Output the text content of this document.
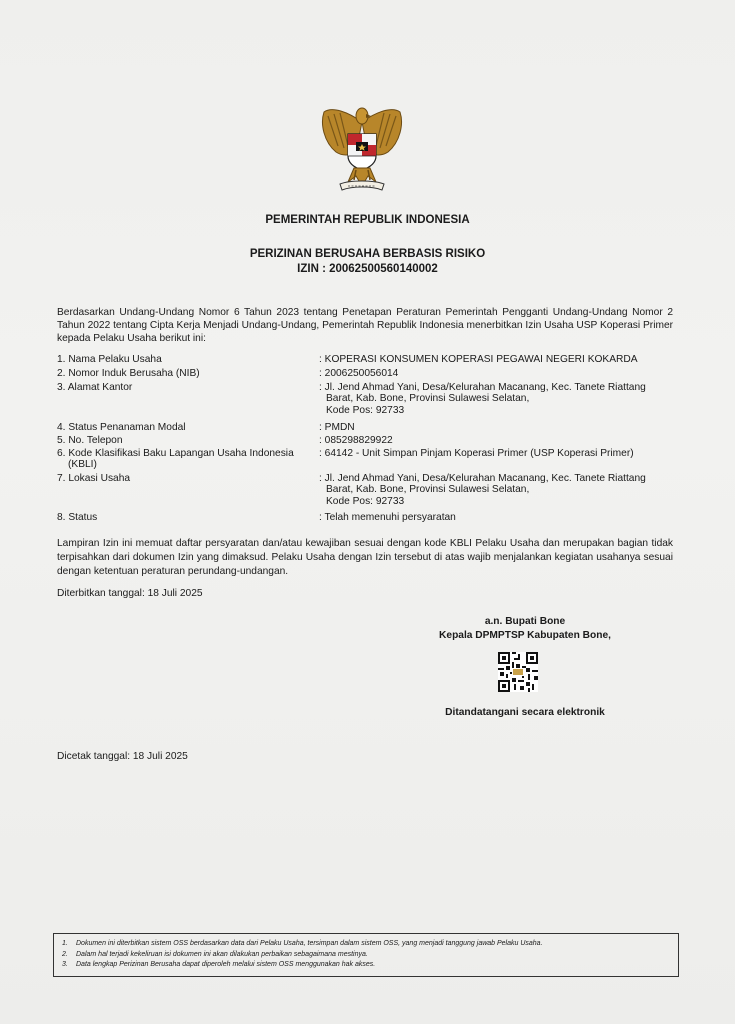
PEMERINTAH REPUBLIK INDONESIA
PERIZINAN BERUSAHA BERBASIS RISIKO
IZIN : 20062500560140002
Berdasarkan Undang-Undang Nomor 6 Tahun 2023 tentang Penetapan Peraturan Pemerintah Pengganti Undang-Undang Nomor 2 Tahun 2022 tentang Cipta Kerja Menjadi Undang-Undang, Pemerintah Republik Indonesia menerbitkan Izin Usaha USP Koperasi Primer kepada Pelaku Usaha berikut ini:
1. Nama Pelaku Usaha	: KOPERASI KONSUMEN KOPERASI PEGAWAI NEGERI KOKARDA
2. Nomor Induk Berusaha (NIB)	: 2006250056014
3. Alamat Kantor	: Jl. Jend Ahmad Yani, Desa/Kelurahan Macanang, Kec. Tanete Riattang
Barat, Kab. Bone, Provinsi Sulawesi Selatan,
Kode Pos: 92733
4. Status Penanaman Modal	: PMDN
5. No. Telepon	: 085298829922
6. Kode Klasifikasi Baku Lapangan Usaha Indonesia
(KBLI)
: 64142 - Unit Simpan Pinjam Koperasi Primer (USP Koperasi Primer)
7. Lokasi Usaha	: Jl. Jend Ahmad Yani, Desa/Kelurahan Macanang, Kec. Tanete Riattang
Barat, Kab. Bone, Provinsi Sulawesi Selatan,
Kode Pos: 92733
8. Status	: Telah memenuhi persyaratan
Lampiran Izin ini memuat daftar persyaratan dan/atau kewajiban sesuai dengan kode KBLI Pelaku Usaha dan merupakan bagian tidak terpisahkan dari dokumen Izin yang dimaksud. Pelaku Usaha dengan Izin tersebut di atas wajib menjalankan kegiatan usahanya sesuai dengan ketentuan peraturan perundang-undangan.
Diterbitkan tanggal: 18 Juli 2025
a.n. Bupati Bone
Kepala DPMPTSP Kabupaten Bone,
Ditandatangani secara elektronik
Dicetak tanggal: 18 Juli 2025
1. Dokumen ini diterbitkan sistem OSS berdasarkan data dari Pelaku Usaha, tersimpan dalam sistem OSS, yang menjadi tanggung jawab Pelaku Usaha.
2. Dalam hal terjadi kekeliruan isi dokumen ini akan dilakukan perbaikan sebagaimana mestinya.
3. Data lengkap Perizinan Berusaha dapat diperoleh melalui sistem OSS menggunakan hak akses.
